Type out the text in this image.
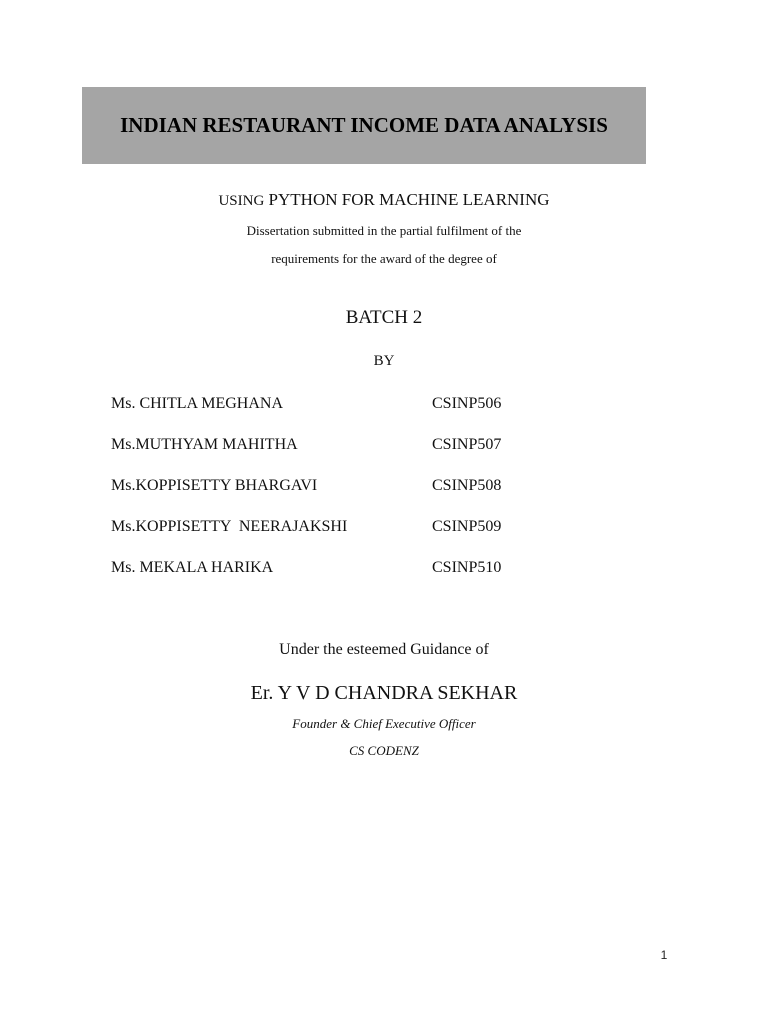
INDIAN RESTAURANT INCOME DATA ANALYSIS
USING PYTHON FOR MACHINE LEARNING
Dissertation submitted in the partial fulfilment of the
requirements for the award of the degree of
BATCH 2
BY
Ms. CHITLA MEGHANA	CSINP506
Ms.MUTHYAM MAHITHA	CSINP507
Ms.KOPPISETTY BHARGAVI	CSINP508
Ms.KOPPISETTY  NEERAJAKSHI	CSINP509
Ms. MEKALA HARIKA	CSINP510
Under the esteemed Guidance of
Er. Y V D CHANDRA SEKHAR
Founder & Chief Executive Officer
CS CODENZ
1
